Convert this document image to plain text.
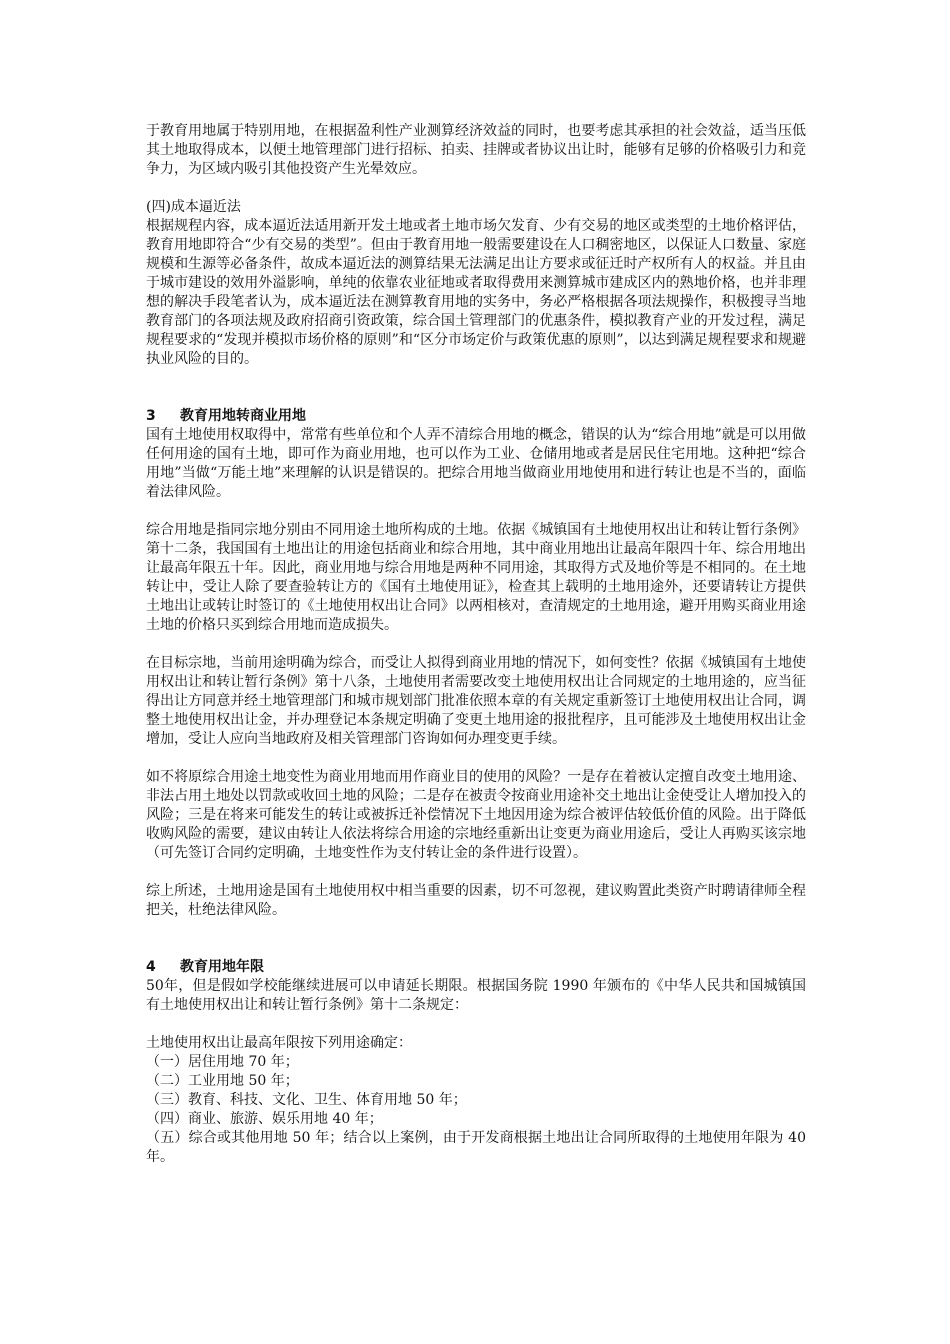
于教育用地属于特别用地，在根据盈利性产业测算经济效益的同时，也要考虑其承担的社会效益，适当压低其土地取得成本，以便土地管理部门进行招标、拍卖、挂牌或者协议出让时，能够有足够的价格吸引力和竞争力，为区域内吸引其他投资产生光晕效应。

(四)成本逼近法

根据规程内容，成本逼近法适用新开发土地或者土地市场欠发育、少有交易的地区或类型的土地价格评估，教育用地即符合“少有交易的类型”。但由于教育用地一般需要建设在人口稠密地区，以保证人口数量、家庭规模和生源等必备条件，故成本逼近法的测算结果无法满足出让方要求或征迁时产权所有人的权益。并且由于城市建设的效用外溢影响，单纯的依靠农业征地或者取得费用来测算城市建成区内的熟地价格，也并非理想的解决手段笔者认为，成本逼近法在测算教育用地的实务中，务必严格根据各项法规操作，积极搜寻当地教育部门的各项法规及政府招商引资政策，综合国土管理部门的优惠条件，模拟教育产业的开发过程，满足规程要求的“发现并模拟市场价格的原则”和“区分市场定价与政策优惠的原则”，以达到满足规程要求和规避执业风险的目的。

3 教育用地转商业用地

国有土地使用权取得中，常常有些单位和个人弄不清综合用地的概念，错误的认为“综合用地”就是可以用做任何用途的国有土地，即可作为商业用地，也可以作为工业、仓储用地或者是居民住宅用地。这种把“综合用地”当做“万能土地”来理解的认识是错误的。把综合用地当做商业用地使用和进行转让也是不当的，面临着法律风险。

综合用地是指同宗地分别由不同用途土地所构成的土地。依据《城镇国有土地使用权出让和转让暂行条例》第十二条，我国国有土地出让的用途包括商业和综合用地，其中商业用地出让最高年限四十年、综合用地出让最高年限五十年。因此，商业用地与综合用地是两种不同用途，其取得方式及地价等是不相同的。在土地转让中，受让人除了要查验转让方的《国有土地使用证》，检查其上载明的土地用途外，还要请转让方提供土地出让或转让时签订的《土地使用权出让合同》以两相核对，查清规定的土地用途，避开用购买商业用途土地的价格只买到综合用地而造成损失。

在目标宗地，当前用途明确为综合，而受让人拟得到商业用地的情况下，如何变性？依据《城镇国有土地使用权出让和转让暂行条例》第十八条，土地使用者需要改变土地使用权出让合同规定的土地用途的，应当征得出让方同意并经土地管理部门和城市规划部门批准依照本章的有关规定重新签订土地使用权出让合同，调整土地使用权出让金，并办理登记本条规定明确了变更土地用途的报批程序，且可能涉及土地使用权出让金增加，受让人应向当地政府及相关管理部门咨询如何办理变更手续。

如不将原综合用途土地变性为商业用地而用作商业目的使用的风险？一是存在着被认定擅自改变土地用途、非法占用土地处以罚款或收回土地的风险；二是存在被责令按商业用途补交土地出让金使受让人增加投入的风险；三是在将来可能发生的转让或被拆迁补偿情况下土地因用途为综合被评估较低价值的风险。出于降低收购风险的需要，建议由转让人依法将综合用途的宗地经重新出让变更为商业用途后，受让人再购买该宗地（可先签订合同约定明确，土地变性作为支付转让金的条件进行设置）。

综上所述，土地用途是国有土地使用权中相当重要的因素，切不可忽视，建议购置此类资产时聘请律师全程把关，杜绝法律风险。

4 教育用地年限

50年，但是假如学校能继续进展可以申请延长期限。根据国务院 1990 年颁布的《中华人民共和国城镇国有土地使用权出让和转让暂行条例》第十二条规定：

土地使用权出让最高年限按下列用途确定：

（一）居住用地 70 年；

（二）工业用地 50 年；

（三）教育、科技、文化、卫生、体育用地 50 年；

（四）商业、旅游、娱乐用地 40 年；

（五）综合或其他用地 50 年；结合以上案例，由于开发商根据土地出让合同所取得的土地使用年限为 40 年。
